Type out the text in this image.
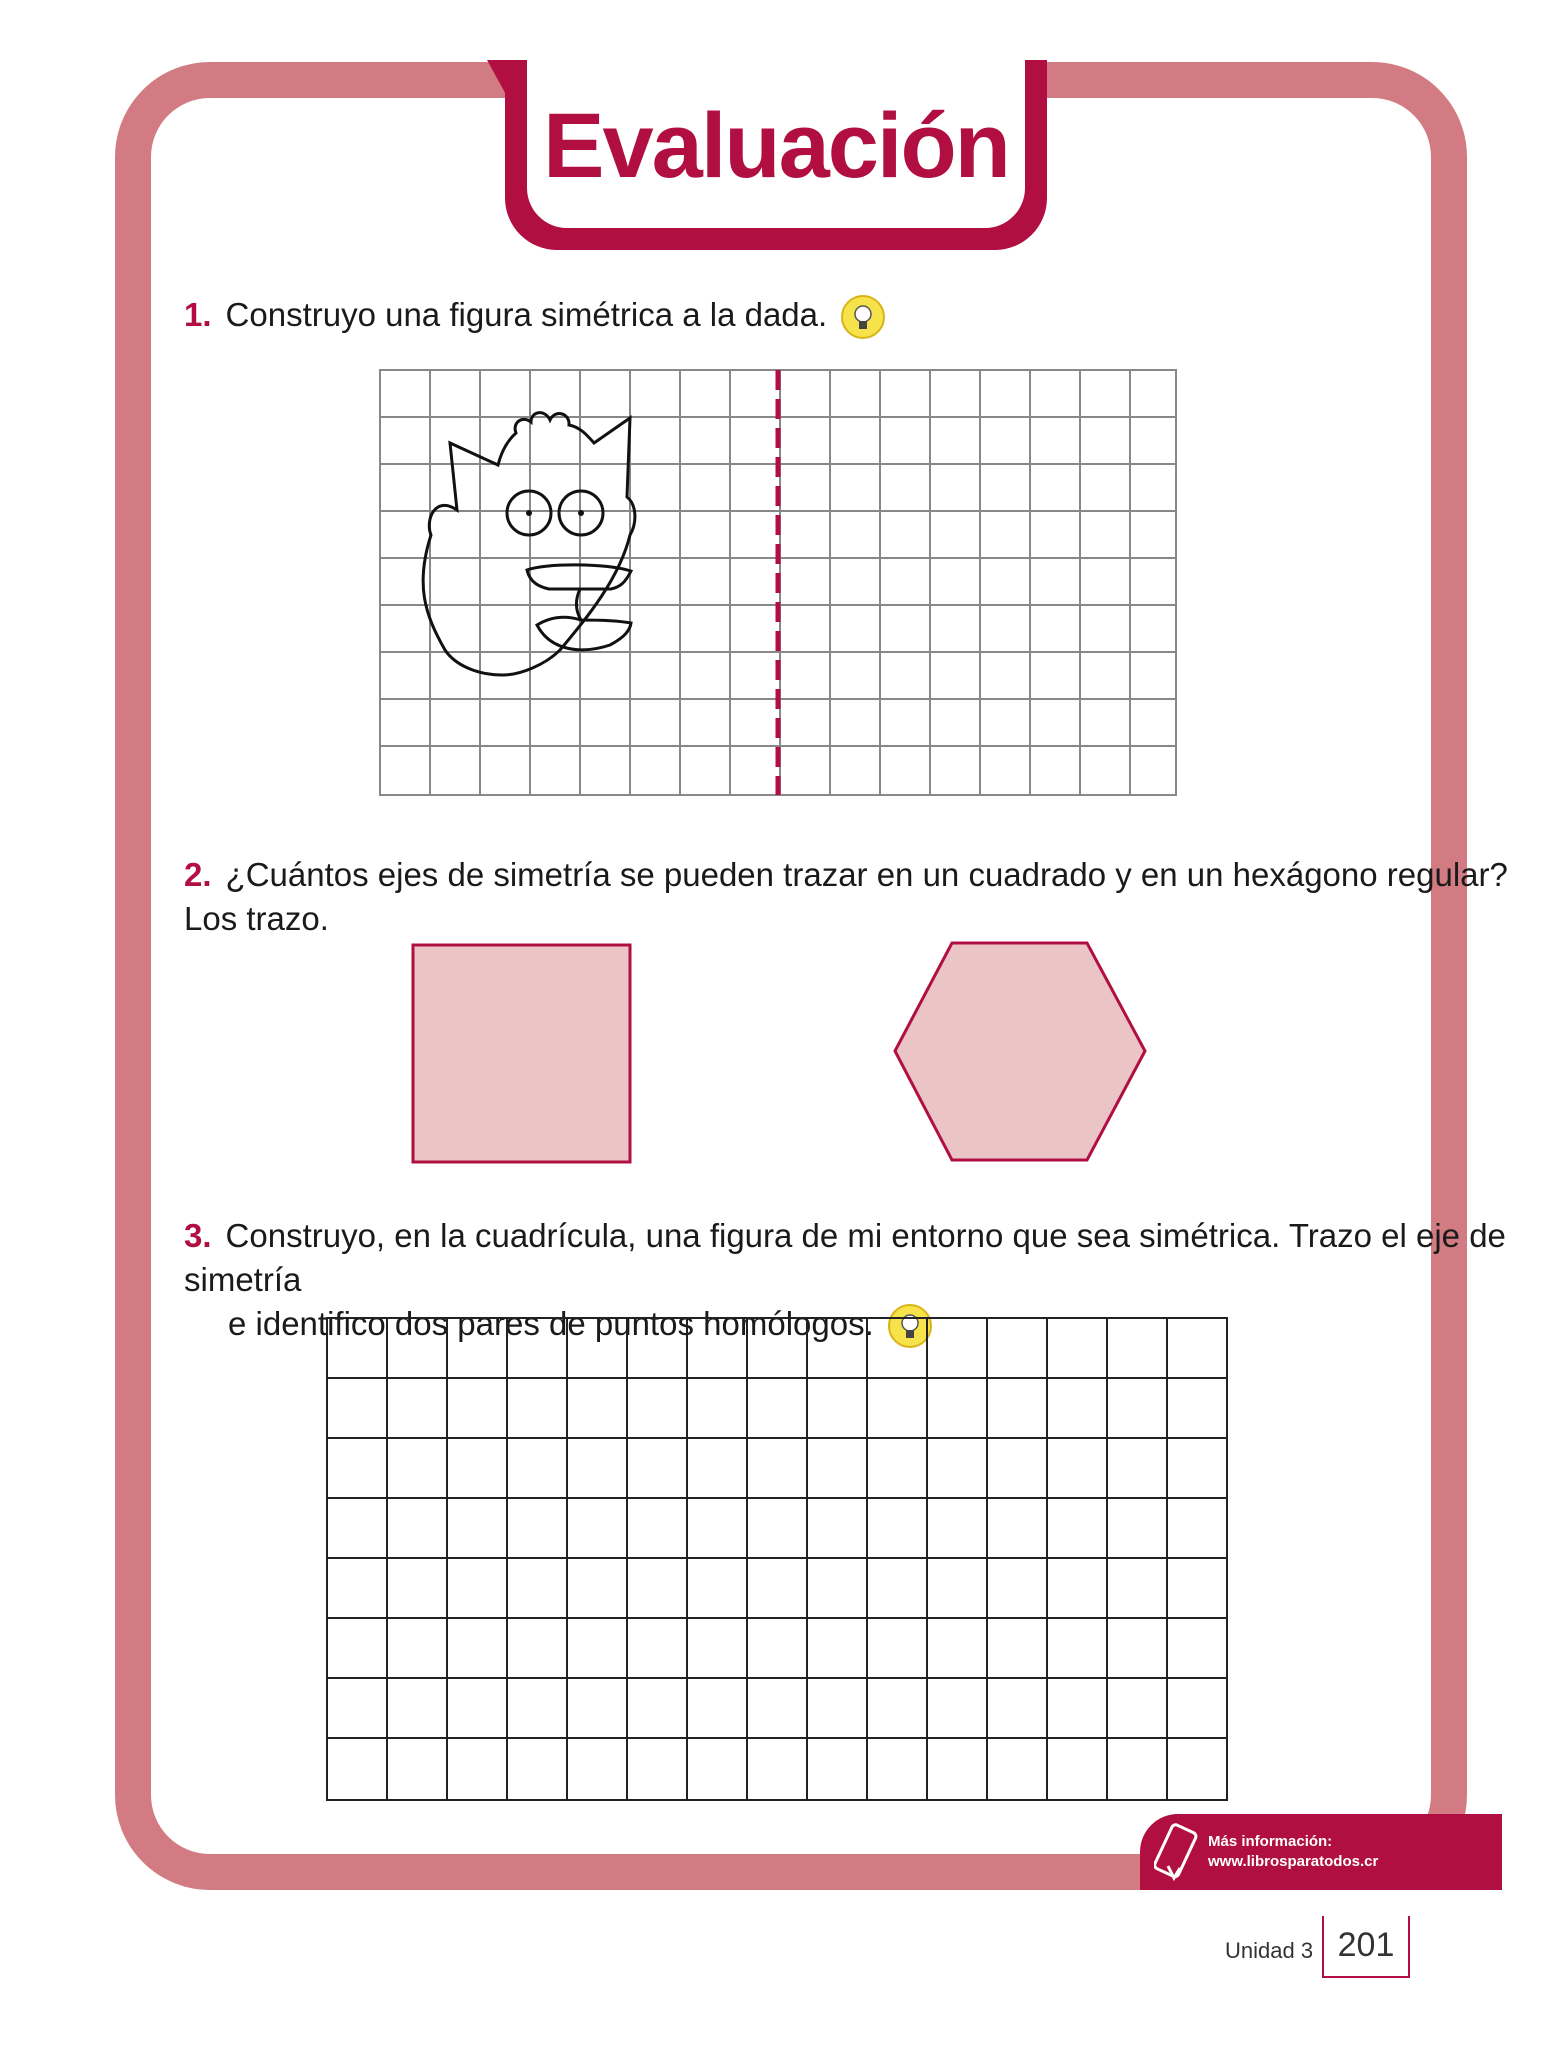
Evaluación
1. Construyo una figura simétrica a la dada.
2. ¿Cuántos ejes de simetría se pueden trazar en un cuadrado y en un hexágono regular? Los trazo.
3. Construyo, en la cuadrícula, una figura de mi entorno que sea simétrica. Trazo el eje de simetría
e identifico dos pares de puntos homólogos.
Más información:
www.librosparatodos.cr
Unidad 3 201
